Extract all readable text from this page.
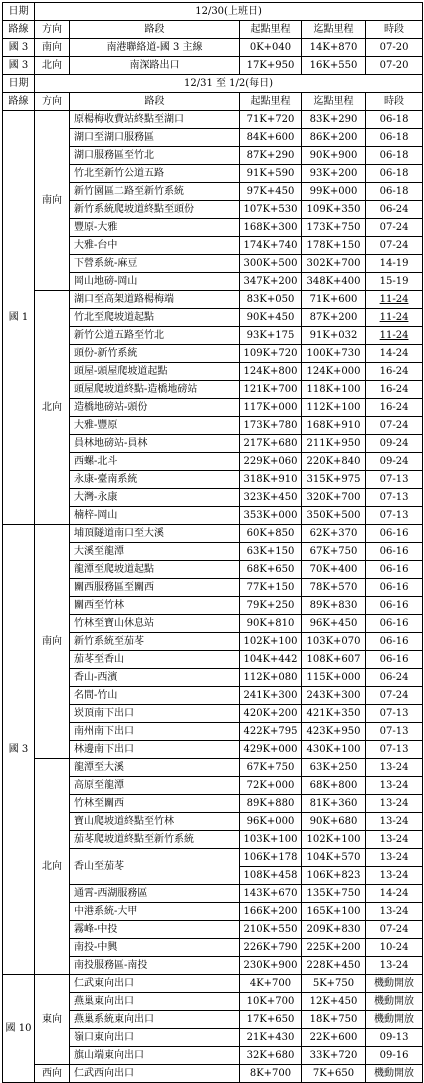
日期	12/30(上班日)				
路線	方向	路段	起點里程	迄點里程	時段
國 3	南向	南港聯絡道-國 3 主線	0K+040	14K+870	07-20
國 3	北向	南深路出口	17K+950	16K+550	07-20
日期	12/31 至 1/2(每日)				
路線	方向	路段	起點里程	迄點里程	時段
國 1	南向	原楊梅收費站終點至湖口	71K+720	83K+290	06-18
		湖口至湖口服務區	84K+600	86K+200	06-18
		湖口服務區至竹北	87K+290	90K+900	06-18
		竹北至新竹公道五路	91K+590	93K+200	06-18
		新竹園區二路至新竹系統	97K+450	99K+000	06-18
		新竹系統爬坡道終點至頭份	107K+530	109K+350	06-24
		豐原-大雅	168K+300	173K+750	07-24
		大雅-台中	174K+740	178K+150	07-24
		下營系統-麻豆	300K+500	302K+700	14-19
		岡山地磅-岡山	347K+200	348K+400	15-19
	北向	湖口至高架道路楊梅端	83K+050	71K+600	11-24
		竹北至爬坡道起點	90K+450	87K+200	11-24
		新竹公道五路至竹北	93K+175	91K+032	11-24
		頭份-新竹系統	109K+720	100K+730	14-24
		頭屋-頭屋爬坡道起點	124K+800	124K+000	16-24
		頭屋爬坡道終點-造橋地磅站	121K+700	118K+100	16-24
		造橋地磅站-頭份	117K+000	112K+100	16-24
		大雅-豐原	173K+780	168K+910	07-24
		員林地磅站-員林	217K+680	211K+950	09-24
		西螺-北斗	229K+060	220K+840	09-24
		永康-臺南系統	318K+910	315K+975	07-13
		大灣-永康	323K+450	320K+700	07-13
		楠梓-岡山	353K+000	350K+500	07-13
國 3	南向	埔頂隧道南口至大溪	60K+850	62K+370	06-16
		大溪至龍潭	63K+150	67K+750	06-16
		龍潭至爬坡道起點	68K+650	70K+400	06-16
		關西服務區至關西	77K+150	78K+570	06-16
		關西至竹林	79K+250	89K+830	06-16
		竹林至寶山休息站	90K+810	96K+450	06-16
		新竹系統至茄苳	102K+100	103K+070	06-16
		茄苳至香山	104K+442	108K+607	06-16
		香山-西濱	112K+080	115K+000	06-24
		名間-竹山	241K+300	243K+300	07-24
		崁頂南下出口	420K+200	421K+350	07-13
		南州南下出口	422K+795	423K+950	07-13
		林邊南下出口	429K+000	430K+100	07-13
	北向	龍潭至大溪	67K+750	63K+250	13-24
		高原至龍潭	72K+000	68K+800	13-24
		竹林至關西	89K+880	81K+360	13-24
		寶山爬坡道終點至竹林	96K+000	90K+680	13-24
		茄苳爬坡道終點至新竹系統	103K+100	102K+100	13-24
		香山至茄苳	106K+178	104K+570	13-24
			108K+458	106K+823	13-24
		通霄-西湖服務區	143K+670	135K+750	14-24
		中港系統-大甲	166K+200	165K+100	13-24
		霧峰-中投	210K+550	209K+830	07-24
		南投-中興	226K+790	225K+200	10-24
		南投服務區-南投	230K+900	228K+450	13-24
國 10	東向	仁武東向出口	4K+700	5K+750	機動開放
		燕巢東向出口	10K+700	12K+450	機動開放
		燕巢系統東向出口	17K+650	18K+750	機動開放
		嶺口東向出口	21K+430	22K+600	09-13
		旗山端東向出口	32K+680	33K+720	09-16
	西向	仁武西向出口	8K+700	7K+650	機動開放
